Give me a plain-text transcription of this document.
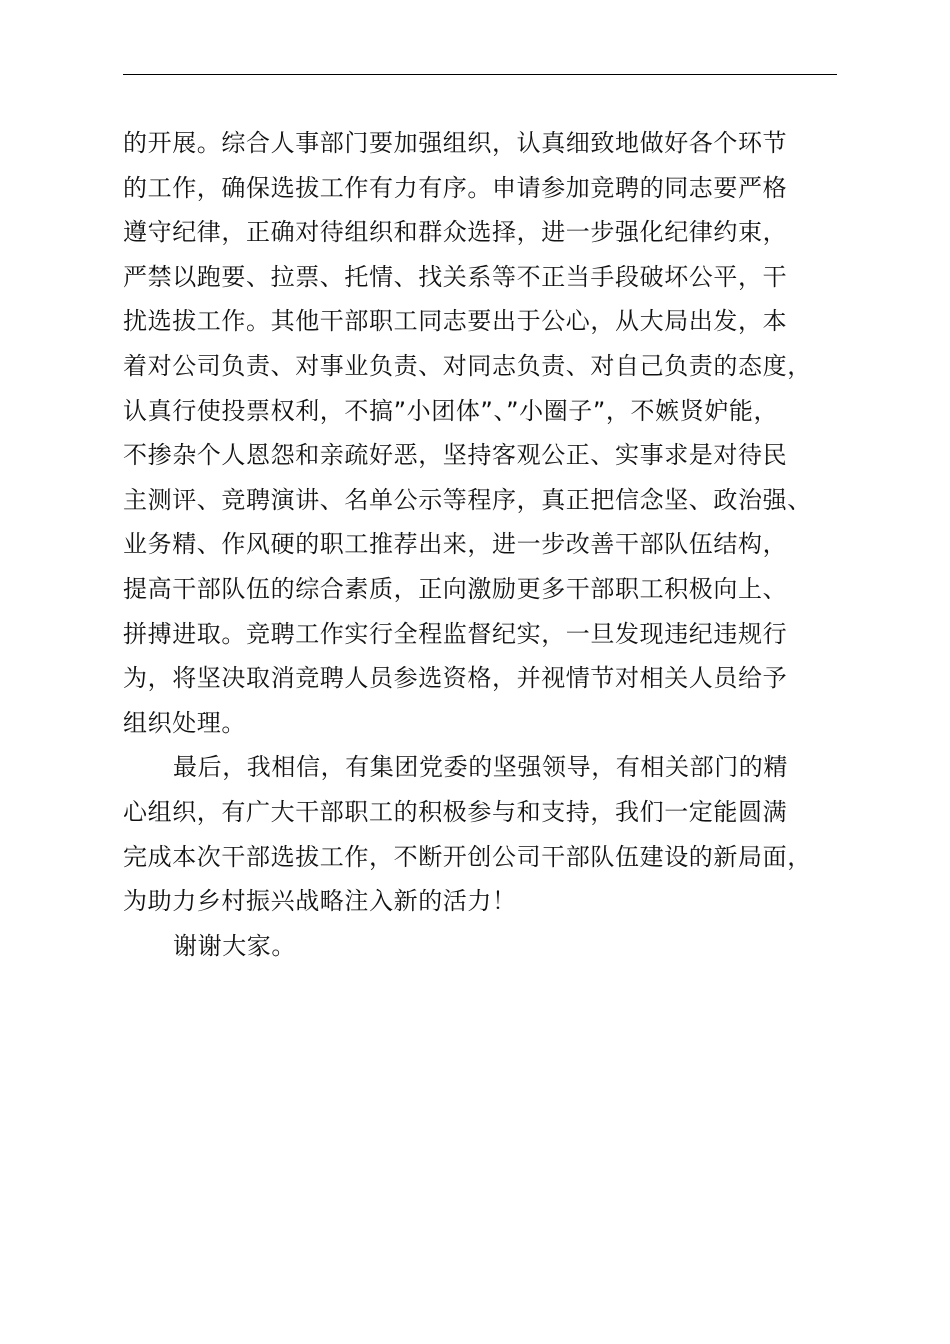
的开展。综合人事部门要加强组织，认真细致地做好各个环节
的工作，确保选拔工作有力有序。申请参加竞聘的同志要严格
遵守纪律，正确对待组织和群众选择，进一步强化纪律约束，
严禁以跑要、拉票、托情、找关系等不正当手段破坏公平，干
扰选拔工作。其他干部职工同志要出于公心，从大局出发，本
着对公司负责、对事业负责、对同志负责、对自己负责的态度，
认真行使投票权利，不搞”小团体”、”小圈子”，不嫉贤妒能，
不掺杂个人恩怨和亲疏好恶，坚持客观公正、实事求是对待民
主测评、竞聘演讲、名单公示等程序，真正把信念坚、政治强、
业务精、作风硬的职工推荐出来，进一步改善干部队伍结构，
提高干部队伍的综合素质，正向激励更多干部职工积极向上、
拼搏进取。竞聘工作实行全程监督纪实，一旦发现违纪违规行
为，将坚决取消竞聘人员参选资格，并视情节对相关人员给予
组织处理。
最后，我相信，有集团党委的坚强领导，有相关部门的精
心组织，有广大干部职工的积极参与和支持，我们一定能圆满
完成本次干部选拔工作，不断开创公司干部队伍建设的新局面，
为助力乡村振兴战略注入新的活力！
谢谢大家。
